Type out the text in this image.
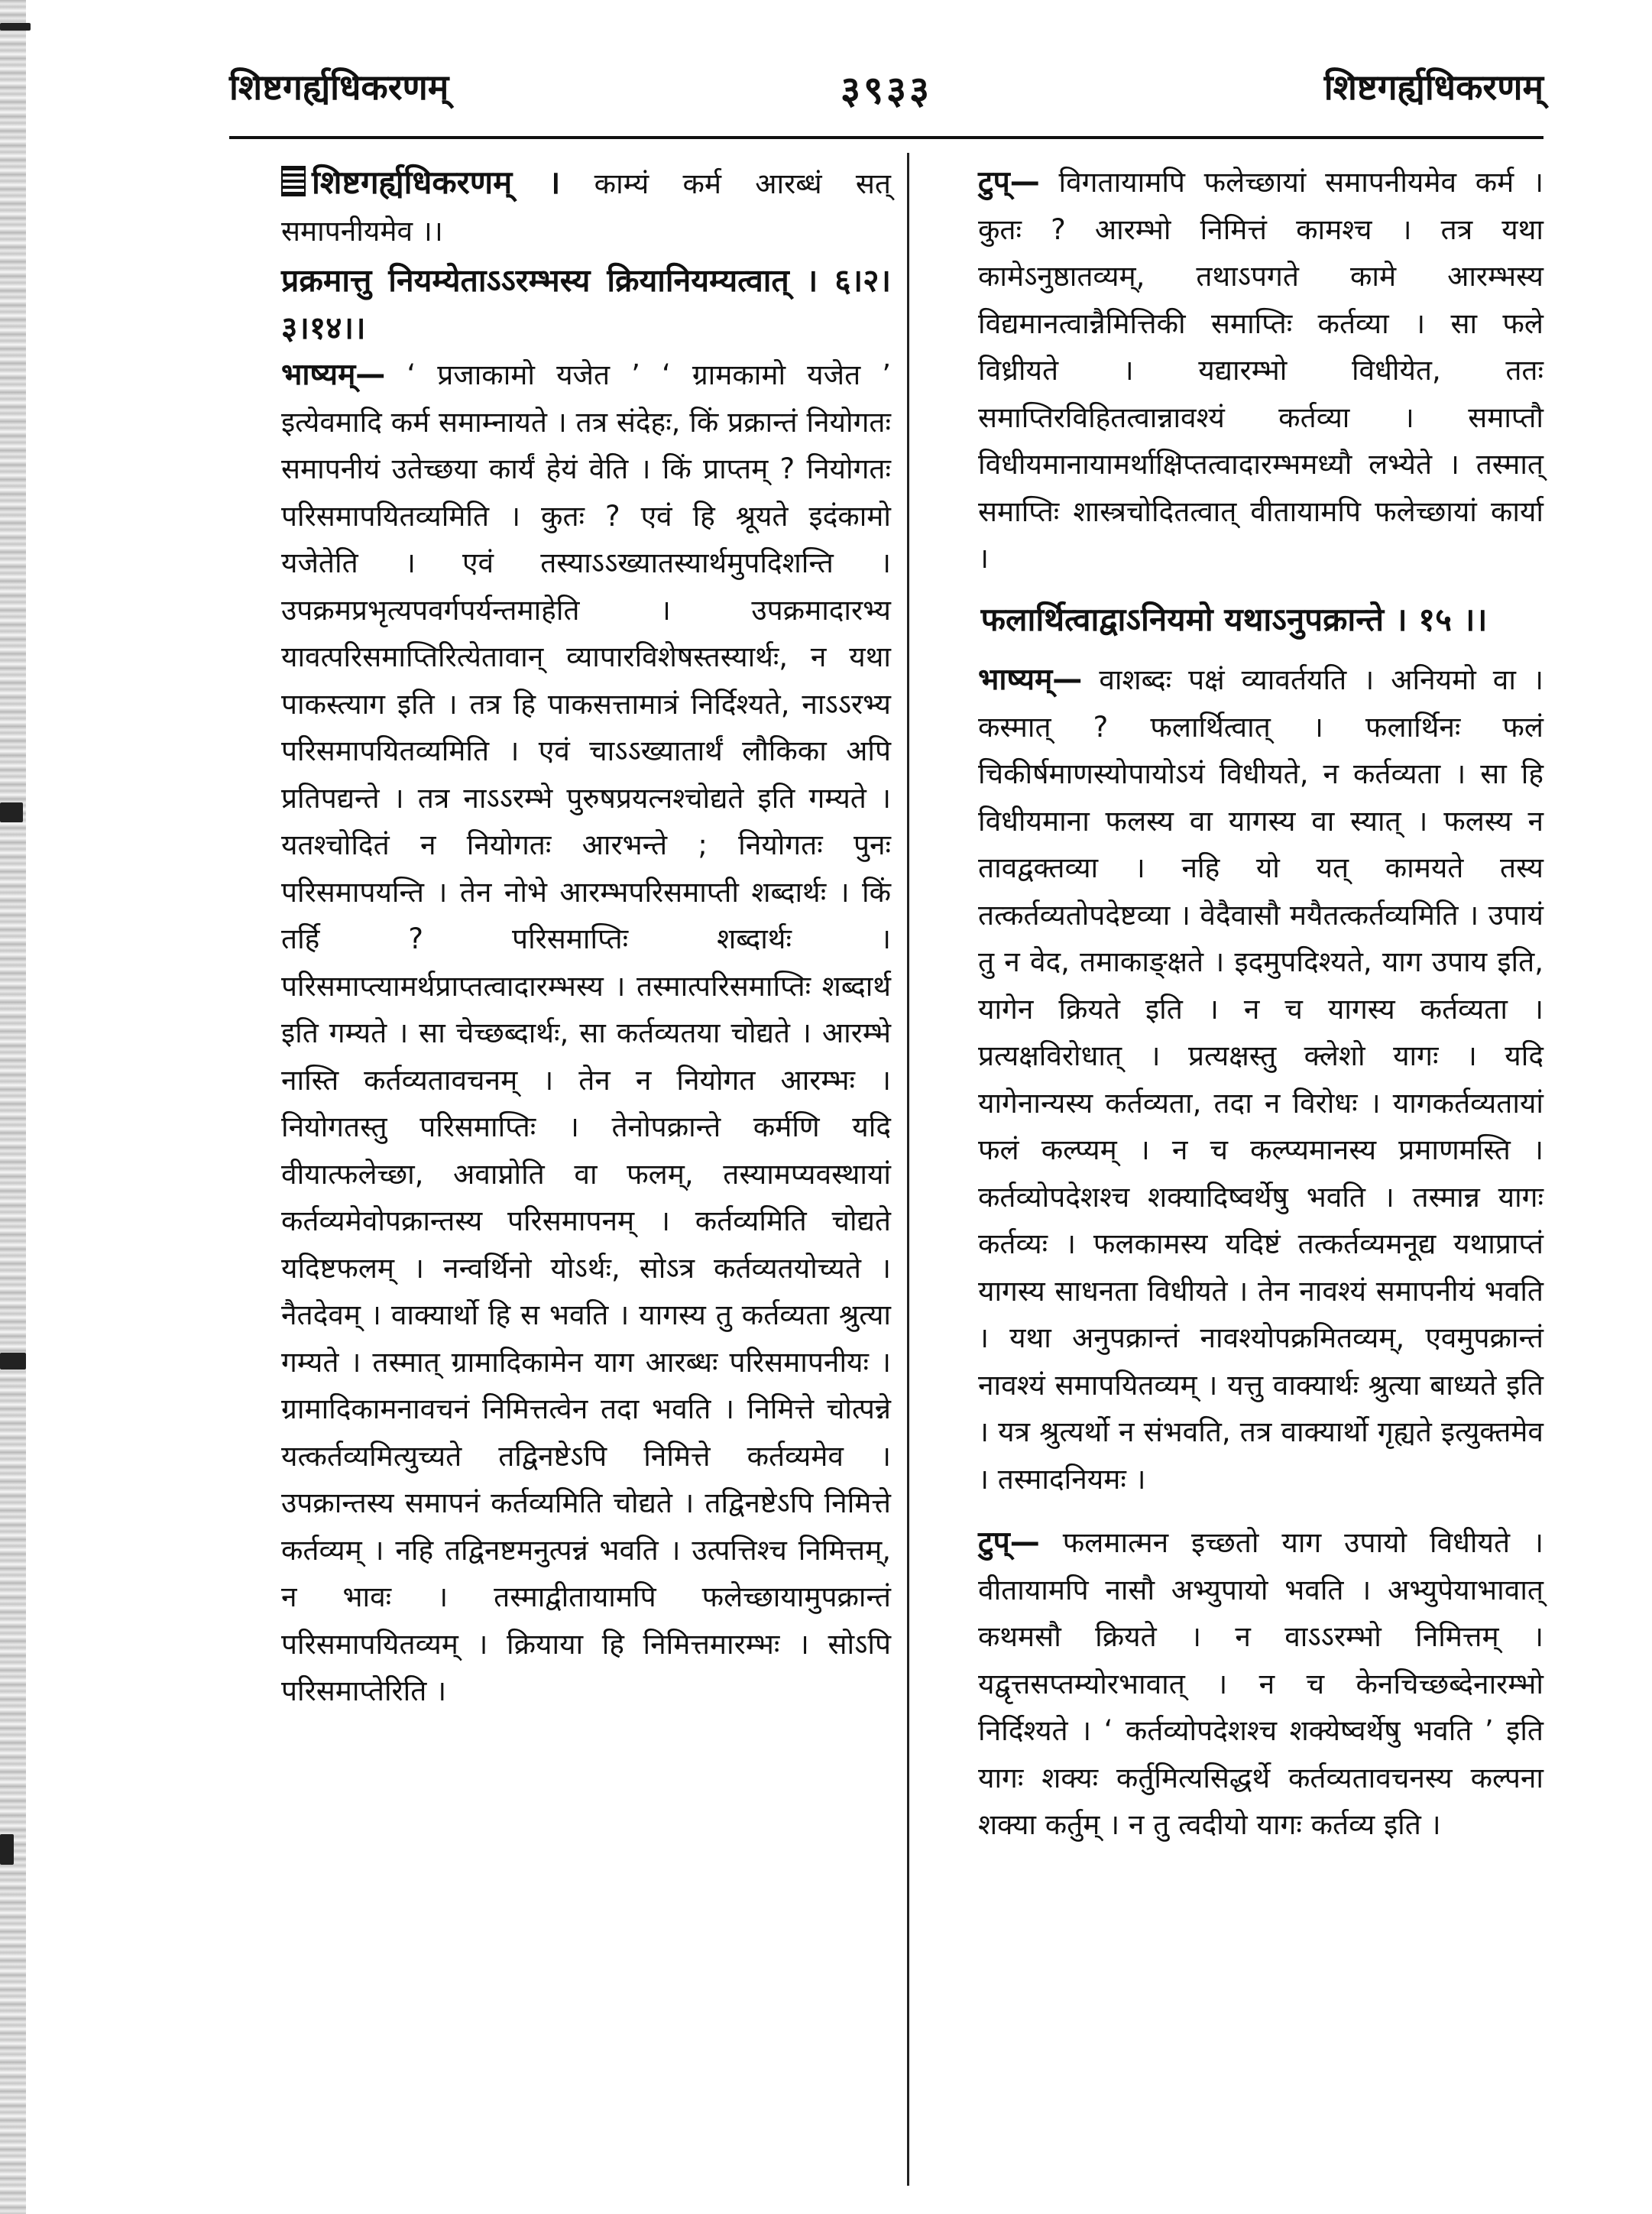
शिष्टगर्ह्यधिकरणम्	३९३३	शिष्टगर्ह्यधिकरणम्

शिष्टगर्ह्यधिकरणम् । काम्यं कर्म आरब्धं सत् समापनीयमेव ।।

प्रक्रमात्तु नियम्येताऽऽरम्भस्य क्रियानियम्यत्वात् । ६।२।३।१४।।

भाष्यम्— ‘ प्रजाकामो यजेत ’ ‘ ग्रामकामो यजेत ’ इत्येवमादि कर्म समाम्नायते । तत्र संदेहः, किं प्रक्रान्तं नियोगतः समापनीयं उतेच्छया कार्यं हेयं वेति । किं प्राप्तम् ? नियोगतः परिसमापयितव्यमिति । कुतः ? एवं हि श्रूयते इदंकामो यजेतेति । एवं तस्याऽऽख्यातस्यार्थमुपदिशन्ति । उपक्रमप्रभृत्यपवर्गपर्यन्तमाहेति । उपक्रमादारभ्य यावत्परिसमाप्तिरित्येतावान् व्यापारविशेषस्तस्यार्थः, न यथा पाकस्त्याग इति । तत्र हि पाकसत्तामात्रं निर्दिश्यते, नाऽऽरभ्य परिसमापयितव्यमिति । एवं चाऽऽख्यातार्थं लौकिका अपि प्रतिपद्यन्ते । तत्र नाऽऽरम्भे पुरुषप्रयत्नश्चोद्यते इति गम्यते । यतश्चोदितं न नियोगतः आरभन्ते ; नियोगतः पुनः परिसमापयन्ति । तेन नोभे आरम्भपरिसमाप्ती शब्दार्थः । किं तर्हि ? परिसमाप्तिः शब्दार्थः । परिसमाप्त्यामर्थप्राप्तत्वादारम्भस्य । तस्मात्परिसमाप्तिः शब्दार्थ इति गम्यते । सा चेच्छब्दार्थः, सा कर्तव्यतया चोद्यते । आरम्भे नास्ति कर्तव्यतावचनम् । तेन न नियोगत आरम्भः । नियोगतस्तु परिसमाप्तिः । तेनोपक्रान्ते कर्मणि यदि वीयात्फलेच्छा, अवाप्नोति वा फलम्, तस्यामप्यवस्थायां कर्तव्यमेवोपक्रान्तस्य परिसमापनम् । कर्तव्यमिति चोद्यते यदिष्टफलम् । नन्वर्थिनो योऽर्थः, सोऽत्र कर्तव्यतयोच्यते । नैतदेवम् । वाक्यार्थो हि स भवति । यागस्य तु कर्तव्यता श्रुत्या गम्यते । तस्मात् ग्रामादिकामेन याग आरब्धः परिसमापनीयः । ग्रामादिकामनावचनं निमित्तत्वेन तदा भवति । निमित्ते चोत्पन्ने यत्कर्तव्यमित्युच्यते तद्विनष्टेऽपि निमित्ते कर्तव्यमेव । उपक्रान्तस्य समापनं कर्तव्यमिति चोद्यते । तद्विनष्टेऽपि निमित्ते कर्तव्यम् । नहि तद्विनष्टमनुत्पन्नं भवति । उत्पत्तिश्च निमित्तम्, न भावः । तस्माद्वीतायामपि फलेच्छायामुपक्रान्तं परिसमापयितव्यम् । क्रियाया हि निमित्तमारम्भः । सोऽपि परिसमाप्तेरिति ।

टुप्— विगतायामपि फलेच्छायां समापनीयमेव कर्म । कुतः ? आरम्भो निमित्तं कामश्च । तत्र यथा कामेऽनुष्ठातव्यम्, तथाऽपगते कामे आरम्भस्य विद्यमानत्वान्नैमित्तिकी समाप्तिः कर्तव्या । सा फले विध्रीयते । यद्यारम्भो विधीयेत, ततः समाप्तिरविहितत्वान्नावश्यं कर्तव्या । समाप्तौ विधीयमानायामर्थाक्षिप्तत्वादारम्भमध्यौ लभ्येते । तस्मात् समाप्तिः शास्त्रचोदितत्वात् वीतायामपि फलेच्छायां कार्या ।

फलार्थित्वाद्वाऽनियमो यथाऽनुपक्रान्ते । १५ ।।

भाष्यम्— वाशब्दः पक्षं व्यावर्तयति । अनियमो वा । कस्मात् ? फलार्थित्वात् । फलार्थिनः फलं चिकीर्षमाणस्योपायोऽयं विधीयते, न कर्तव्यता । सा हि विधीयमाना फलस्य वा यागस्य वा स्यात् । फलस्य न तावद्वक्तव्या । नहि यो यत् कामयते तस्य तत्कर्तव्यतोपदेष्टव्या । वेदैवासौ मयैतत्कर्तव्यमिति । उपायं तु न वेद, तमाकाङ्क्षते । इदमुपदिश्यते, याग उपाय इति, यागेन क्रियते इति । न च यागस्य कर्तव्यता । प्रत्यक्षविरोधात् । प्रत्यक्षस्तु क्लेशो यागः । यदि यागेनान्यस्य कर्तव्यता, तदा न विरोधः । यागकर्तव्यतायां फलं कल्प्यम् । न च कल्प्यमानस्य प्रमाणमस्ति । कर्तव्योपदेशश्च शक्यादिष्वर्थेषु भवति । तस्मान्न यागः कर्तव्यः । फलकामस्य यदिष्टं तत्कर्तव्यमनूद्य यथाप्राप्तं यागस्य साधनता विधीयते । तेन नावश्यं समापनीयं भवति । यथा अनुपक्रान्तं नावश्योपक्रमितव्यम्, एवमुपक्रान्तं नावश्यं समापयितव्यम् । यत्तु वाक्यार्थः श्रुत्या बाध्यते इति । यत्र श्रुत्यर्थो न संभवति, तत्र वाक्यार्थो गृह्यते इत्युक्तमेव । तस्मादनियमः ।

टुप्— फलमात्मन इच्छतो याग उपायो विधीयते । वीतायामपि नासौ अभ्युपायो भवति । अभ्युपेयाभावात् कथमसौ क्रियते । न वाऽऽरम्भो निमित्तम् । यद्वृत्तसप्तम्योरभावात् । न च केनचिच्छब्देनारम्भो निर्दिश्यते । ‘ कर्तव्योपदेशश्च शक्येष्वर्थेषु भवति ’ इति यागः शक्यः कर्तुमित्यसिद्धर्थे कर्तव्यतावचनस्य कल्पना शक्या कर्तुम् । न तु त्वदीयो यागः कर्तव्य इति ।
